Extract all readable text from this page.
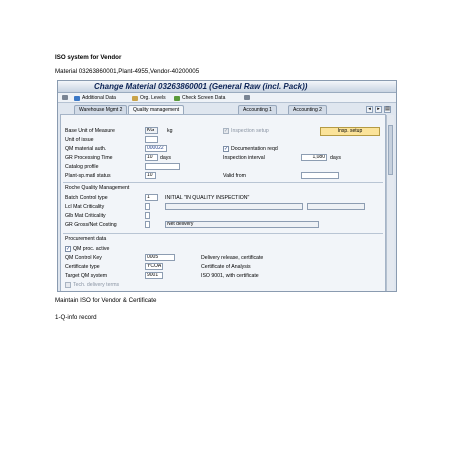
ISO system for Vendor
Material 03263860001,Plant-4955,Vendor-40200005
Change Material 03263860001 (General Raw (incl. Pack))
Additional Data	Org. Levels	Check Screen Data
Warehouse Mgmt 2	Quality management	Accounting 1	Accounting 2	◂	▸	▤
Base Unit of Measure	KG	kg
Unit of issue
QM material auth.	000022
GR Processing Time	10	days
Catalog profile
Plant-sp.matl status	10
✓ Inspection setup	Insp. setup
✓ Documentation reqd
Inspection interval	1,080 days
Valid from
Roche Quality Management
Batch Control type	1	INITIAL "IN QUALITY INSPECTION"
Lcl Mat Criticality
Glb Mat Criticality
GR Gross/Net Costing	Net delivery
Procurement data
✓ QM proc. active
QM Control Key	0005	Delivery release, certificate
Certificate type	YCOA	Certificate of Analysis
Target QM system	9001	ISO 9001, with certificate
Tech. delivery terms
Maintain ISO for Vendor & Certificate
1-Q-info record
